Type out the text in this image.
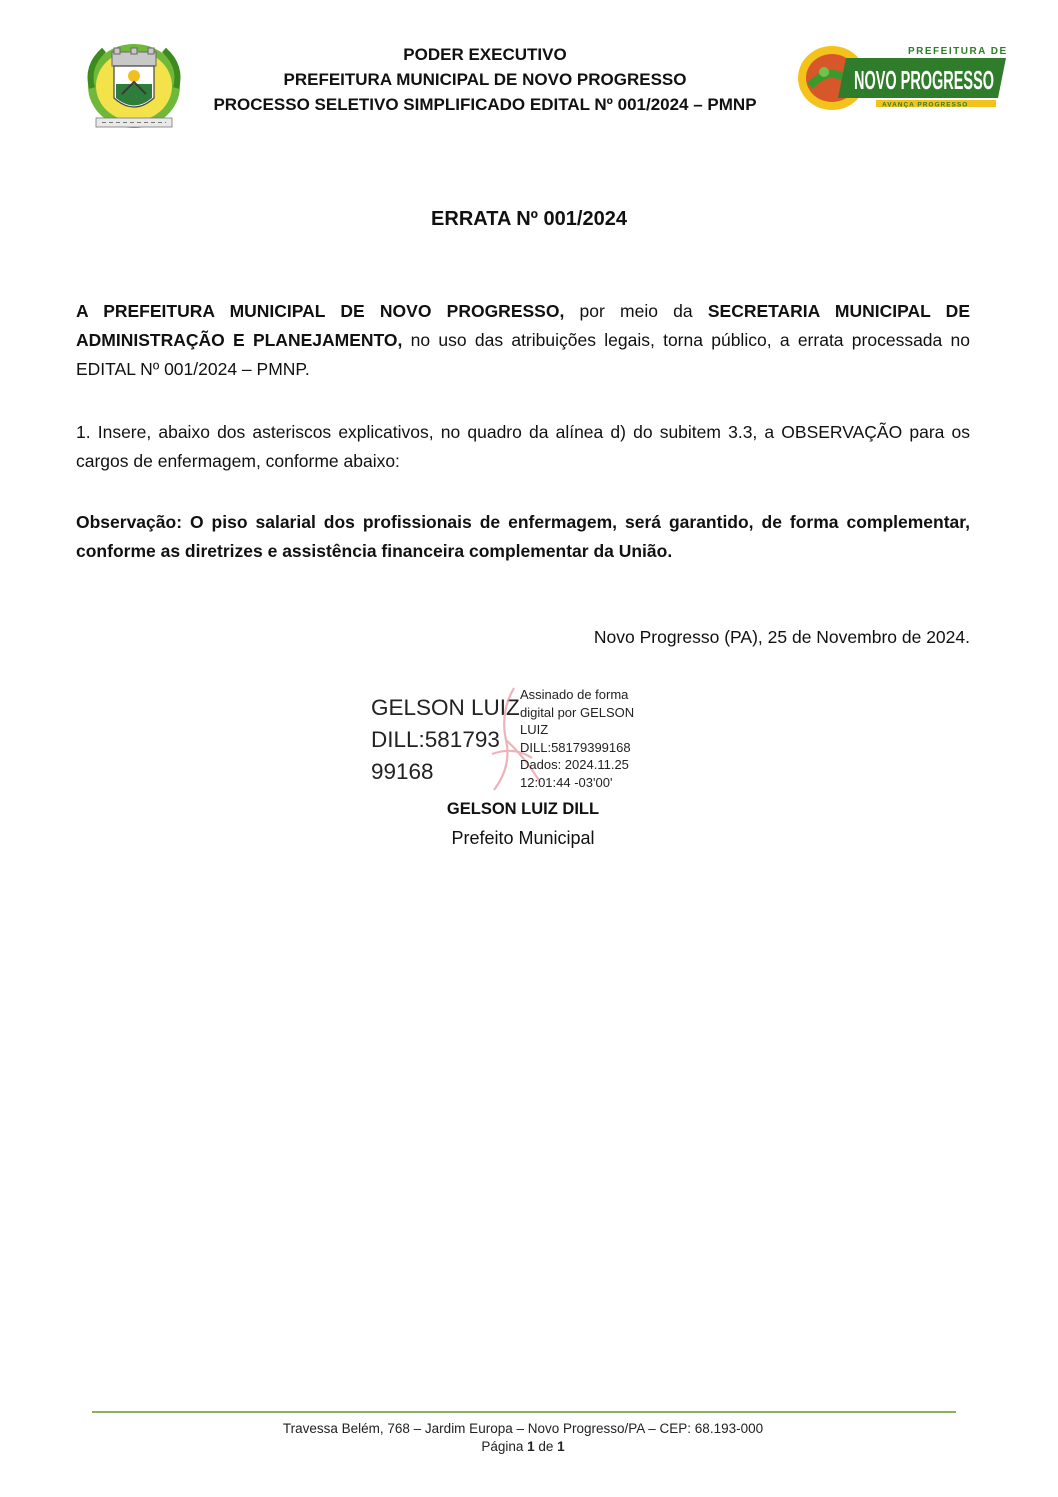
PODER EXECUTIVO
PREFEITURA MUNICIPAL DE NOVO PROGRESSO
PROCESSO SELETIVO SIMPLIFICADO EDITAL Nº 001/2024 – PMNP
PREFEITURA DE
NOVO PROGRESSO
AVANÇA PROGRESSO
ERRATA Nº 001/2024
A PREFEITURA MUNICIPAL DE NOVO PROGRESSO, por meio da SECRETARIA MUNICIPAL DE ADMINISTRAÇÃO E PLANEJAMENTO, no uso das atribuições legais, torna público, a errata processada no EDITAL Nº 001/2024 – PMNP.
1. Insere, abaixo dos asteriscos explicativos, no quadro da alínea d) do subitem 3.3, a OBSERVAÇÃO para os cargos de enfermagem, conforme abaixo:
Observação: O piso salarial dos profissionais de enfermagem, será garantido, de forma complementar, conforme as diretrizes e assistência financeira complementar da União.
Novo Progresso (PA), 25 de Novembro de 2024.
GELSON LUIZ
DILL:581793
99168
Assinado de forma
digital por GELSON
LUIZ
DILL:58179399168
Dados: 2024.11.25
12:01:44 -03'00'
GELSON LUIZ DILL
Prefeito Municipal
Travessa Belém, 768 – Jardim Europa – Novo Progresso/PA – CEP: 68.193-000
Página 1 de 1
